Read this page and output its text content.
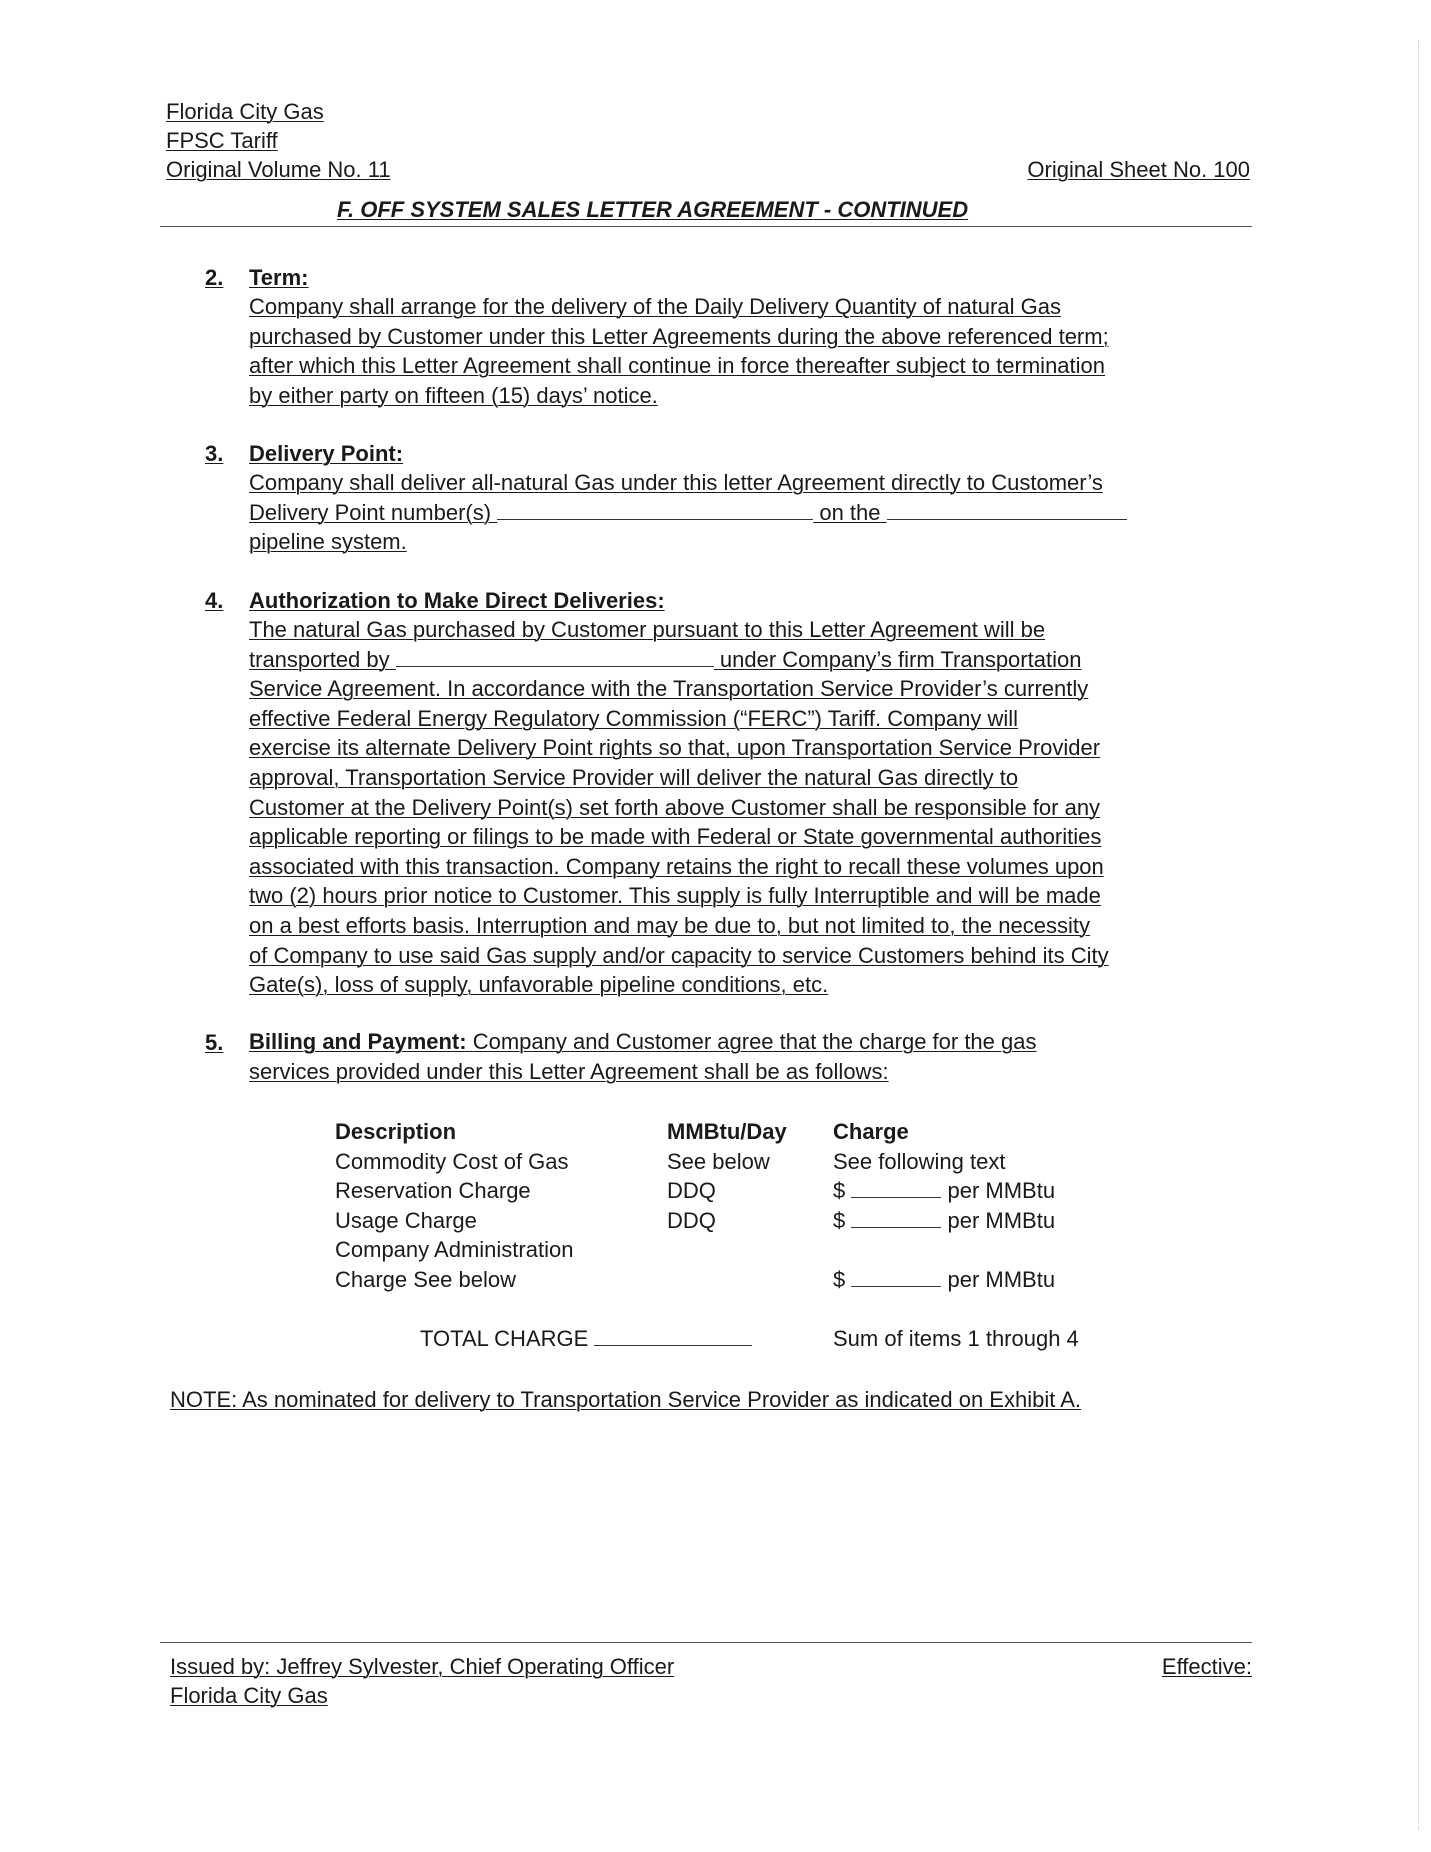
Florida City Gas
FPSC Tariff
Original Volume No. 11	Original Sheet No. 100
F. OFF SYSTEM SALES LETTER AGREEMENT - CONTINUED
2. Term:
Company shall arrange for the delivery of the Daily Delivery Quantity of natural Gas
purchased by Customer under this Letter Agreements during the above referenced term;
after which this Letter Agreement shall continue in force thereafter subject to termination
by either party on fifteen (15) days’ notice.
3. Delivery Point:
Company shall deliver all-natural Gas under this letter Agreement directly to Customer’s
Delivery Point number(s)	on the
pipeline system.
4. Authorization to Make Direct Deliveries:
The natural Gas purchased by Customer pursuant to this Letter Agreement will be
transported by	under Company’s firm Transportation
Service Agreement. In accordance with the Transportation Service Provider’s currently
effective Federal Energy Regulatory Commission (“FERC”) Tariff. Company will
exercise its alternate Delivery Point rights so that, upon Transportation Service Provider
approval, Transportation Service Provider will deliver the natural Gas directly to
Customer at the Delivery Point(s) set forth above Customer shall be responsible for any
applicable reporting or filings to be made with Federal or State governmental authorities
associated with this transaction. Company retains the right to recall these volumes upon
two (2) hours prior notice to Customer. This supply is fully Interruptible and will be made
on a best efforts basis. Interruption and may be due to, but not limited to, the necessity
of Company to use said Gas supply and/or capacity to service Customers behind its City
Gate(s), loss of supply, unfavorable pipeline conditions, etc.
5. Billing and Payment: Company and Customer agree that the charge for the gas
services provided under this Letter Agreement shall be as follows:
Description	MMBtu/Day Charge
Commodity Cost of Gas	See below	See following text
Reservation Charge	DDQ	$	per MMBtu
Usage Charge	DDQ	$	per MMBtu
Company Administration
Charge See below	$	per MMBtu
TOTAL CHARGE	Sum of items 1 through 4
NOTE: As nominated for delivery to Transportation Service Provider as indicated on Exhibit A.
Issued by: Jeffrey Sylvester, Chief Operating Officer
Florida City Gas
Effective:
